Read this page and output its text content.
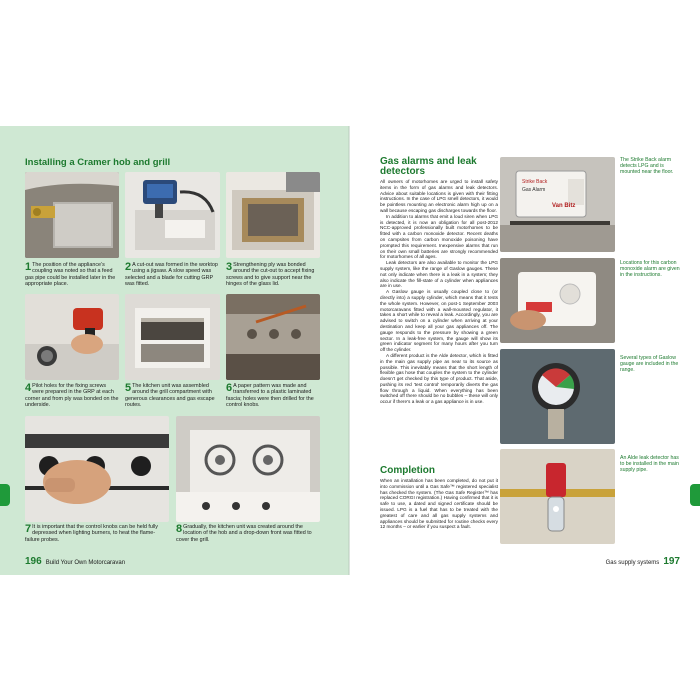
Installing a Cramer hob and grill
1 The position of the appliance’s coupling was noted so that a feed gas pipe could be installed later in the appropriate place.
2 A cut-out was formed in the worktop using a jigsaw. A slow speed was selected and a blade for cutting GRP was fitted.
3 Strengthening ply was bonded around the cut-out to accept fixing screws and to give support near the hinges of the glass lid.
4 Pilot holes for the fixing screws were prepared in the GRP at each corner and from ply was bonded on the underside.
5 The kitchen unit was assembled around the grill compartment with generous clearances and gas escape routes.
6 A paper pattern was made and transferred to a plastic laminated fascia; holes were then drilled for the control knobs.
7 It is important that the control knobs can be held fully depressed when lighting burners, to heat the flame-failure probes.
8 Gradually, the kitchen unit was created around the location of the hob and a drop-down front was fitted to cover the grill.
196 Build Your Own Motorcaravan
Gas alarms and leak detectors

All owners of motorhomes are urged to install safety items in the form of gas alarms and leak detectors. Advice about suitable locations is given with their fitting instructions. In the case of LPG smell detectors, it would be pointless mounting an electronic alarm high up on a wall because escaping gas discharges towards the floor.

In addition to alarms that emit a loud siren when LPG is detected, it is now an obligation for all post-2012 NCC-approved professionally built motorhomes to be fitted with a carbon monoxide detector. Recent deaths on campsites from carbon monoxide poisoning have prompted this requirement. Inexpensive alarms that run on their own small batteries are strongly recommended for motorhomes of all ages.

Leak detectors are also available to monitor the LPG supply system, like the range of Gaslow gauges. These not only indicate when there is a leak in a system; they also indicate the fill-state of a cylinder when appliances are in use.

A Gaslow gauge is usually coupled close to (or directly into) a supply cylinder, which means that it tests the whole system. However, on post-1 September 2003 motorcaravans fitted with a wall-mounted regulator, it takes a short while to reveal a leak. Accordingly, you are advised to switch on a cylinder when arriving at your destination and keep all your gas appliances off. The gauge responds to the pressure by showing a green sector. In a leak-free system, the gauge will show its green indicator segment for many hours after you turn off the cylinder.

A different product is the Alde detector, which is fitted in the main gas supply pipe as near to its source as possible. This inevitably means that the short length of flexible gas hose that couples the system to the cylinder doesn’t get checked by this type of product. That aside, pushing its red ‘test control’ temporarily diverts the gas flow through a liquid. When everything has been switched off there should be no bubbles – these will only occur if there’s a leak or a gas appliance is in use.

Completion

When an installation has been completed, do not put it into commission until a Gas Safe™ registered specialist has checked the system. (The Gas Safe Register™ has replaced CORGI registration.) Having confirmed that it is safe to use, a dated and signed certificate should be issued. LPG is a fuel that has to be treated with the greatest of care and all gas supply systems and appliances should be submitted for routine checks every 12 months – or earlier if you suspect a fault.

Strike Back
Gas Alarm
Van Bitz
The Strike Back alarm detects LPG and is mounted near the floor.
Locations for this carbon monoxide alarm are given in the instructions.
Several types of Gaslow gauge are included in the range.
An Alde leak detector has to be installed in the main supply pipe.
Gas supply systems 197
